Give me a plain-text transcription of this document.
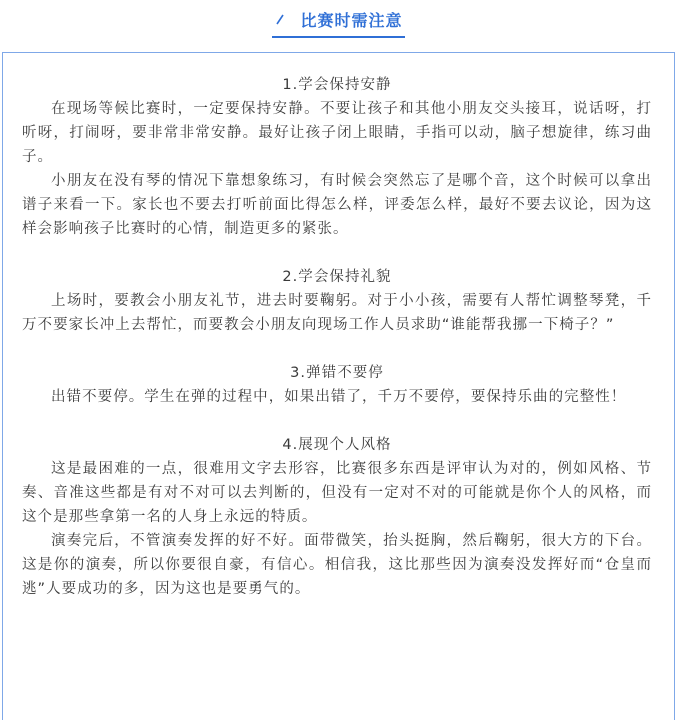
比赛时需注意
1.学会保持安静

在现场等候比赛时，一定要保持安静。不要让孩子和其他小朋友交头接耳，说话呀，打听呀，打闹呀，要非常非常安静。最好让孩子闭上眼睛，手指可以动，脑子想旋律，练习曲子。

小朋友在没有琴的情况下靠想象练习，有时候会突然忘了是哪个音，这个时候可以拿出谱子来看一下。家长也不要去打听前面比得怎么样，评委怎么样，最好不要去议论，因为这样会影响孩子比赛时的心情，制造更多的紧张。

2.学会保持礼貌

上场时，要教会小朋友礼节，进去时要鞠躬。对于小小孩，需要有人帮忙调整琴凳，千万不要家长冲上去帮忙，而要教会小朋友向现场工作人员求助“谁能帮我挪一下椅子？”

3.弹错不要停

出错不要停。学生在弹的过程中，如果出错了，千万不要停，要保持乐曲的完整性！

4.展现个人风格

这是最困难的一点，很难用文字去形容，比赛很多东西是评审认为对的，例如风格、节奏、音准这些都是有对不对可以去判断的，但没有一定对不对的可能就是你个人的风格，而这个是那些拿第一名的人身上永远的特质。

演奏完后，不管演奏发挥的好不好。面带微笑，抬头挺胸，然后鞠躬，很大方的下台。这是你的演奏，所以你要很自豪，有信心。相信我，这比那些因为演奏没发挥好而“仓皇而逃”人要成功的多，因为这也是要勇气的。
